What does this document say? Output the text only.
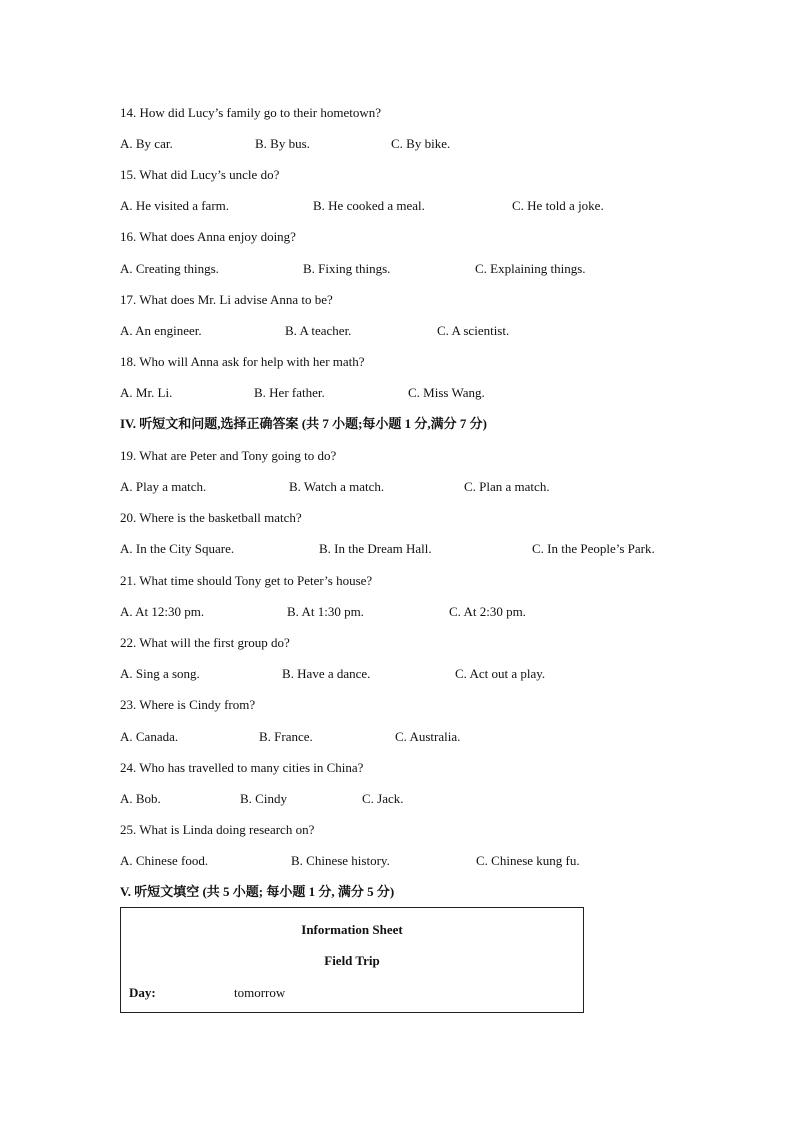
14. How did Lucy’s family go to their hometown?
A. By car.	B. By bus.	C. By bike.
15. What did Lucy’s uncle do?
A. He visited a farm.	B. He cooked a meal.	C. He told a joke.
16. What does Anna enjoy doing?
A. Creating things.	B. Fixing things.	C. Explaining things.
17. What does Mr. Li advise Anna to be?
A. An engineer.	B. A teacher.	C. A scientist.
18. Who will Anna ask for help with her math?
A. Mr. Li.	B. Her father.	C. Miss Wang.
IV. 听短文和问题,选择正确答案 (共 7 小题;每小题 1 分,满分 7 分)
19. What are Peter and Tony going to do?
A. Play a match.	B. Watch a match.	C. Plan a match.
20. Where is the basketball match?
A. In the City Square.	B. In the Dream Hall.	C. In the People’s Park.
21. What time should Tony get to Peter’s house?
A. At 12:30 pm.	B. At 1:30 pm.	C. At 2:30 pm.
22. What will the first group do?
A. Sing a song.	B. Have a dance.	C. Act out a play.
23. Where is Cindy from?
A. Canada.	B. France.	C. Australia.
24. Who has travelled to many cities in China?
A. Bob.	B. Cindy	C. Jack.
25. What is Linda doing research on?
A. Chinese food.	B. Chinese history.	C. Chinese kung fu.
V. 听短文填空 (共 5 小题; 每小题 1 分, 满分 5 分)
Information Sheet
Field Trip
Day:	tomorrow
